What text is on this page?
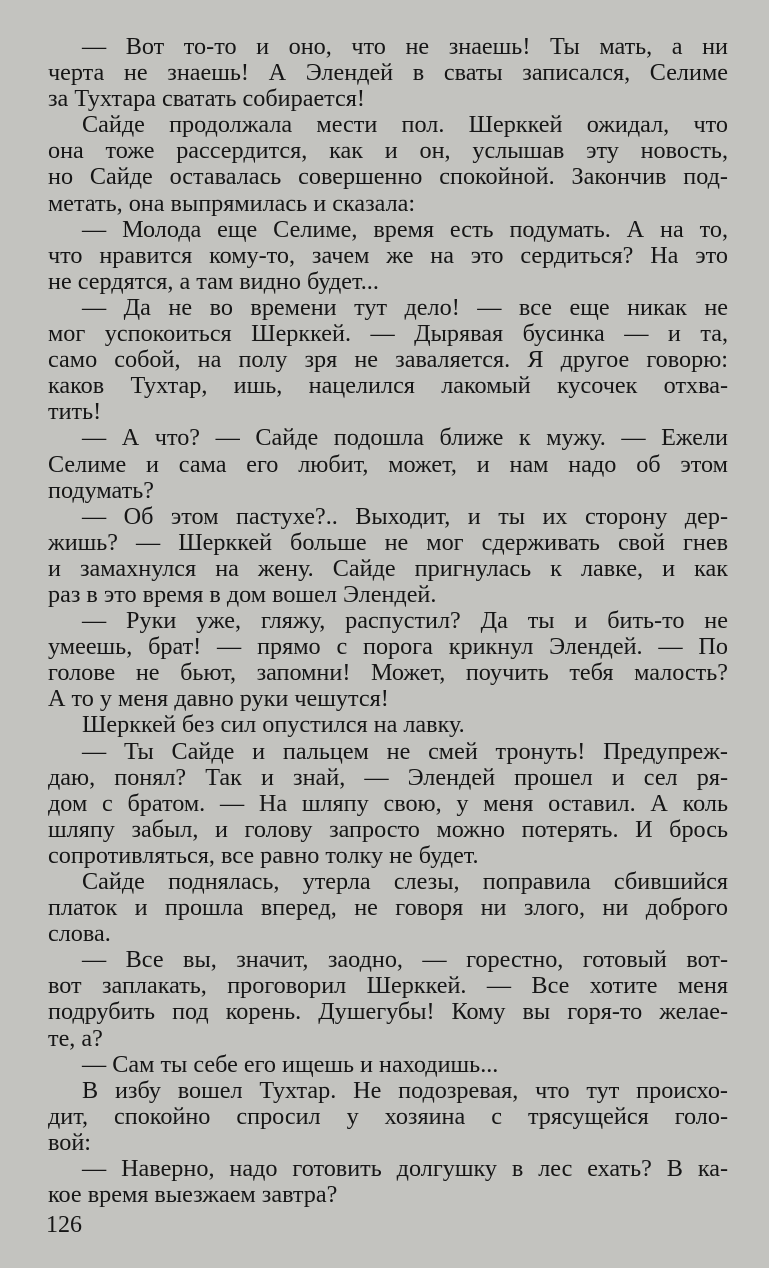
— Вот то-то и оно, что не знаешь! Ты мать, а ни
черта не знаешь! А Элендей в сваты записался, Селиме
за Тухтара сватать собирается!
Сайде продолжала мести пол. Шерккей ожидал, что
она тоже рассердится, как и он, услышав эту новость,
но Сайде оставалась совершенно спокойной. Закончив под-
метать, она выпрямилась и сказала:
— Молода еще Селиме, время есть подумать. А на то,
что нравится кому-то, зачем же на это сердиться? На это
не сердятся, а там видно будет...
— Да не во времени тут дело! — все еще никак не
мог успокоиться Шерккей. — Дырявая бусинка — и та,
само собой, на полу зря не заваляется. Я другое говорю:
каков Тухтар, ишь, нацелился лакомый кусочек отхва-
тить!
— А что? — Сайде подошла ближе к мужу. — Ежели
Селиме и сама его любит, может, и нам надо об этом
подумать?
— Об этом пастухе?.. Выходит, и ты их сторону дер-
жишь? — Шерккей больше не мог сдерживать свой гнев
и замахнулся на жену. Сайде пригнулась к лавке, и как
раз в это время в дом вошел Элендей.
— Руки уже, гляжу, распустил? Да ты и бить-то не
умеешь, брат! — прямо с порога крикнул Элендей. — По
голове не бьют, запомни! Может, поучить тебя малость?
А то у меня давно руки чешутся!
Шерккей без сил опустился на лавку.
— Ты Сайде и пальцем не смей тронуть! Предупреж-
даю, понял? Так и знай, — Элендей прошел и сел ря-
дом с братом. — На шляпу свою, у меня оставил. А коль
шляпу забыл, и голову запросто можно потерять. И брось
сопротивляться, все равно толку не будет.
Сайде поднялась, утерла слезы, поправила сбившийся
платок и прошла вперед, не говоря ни злого, ни доброго
слова.
— Все вы, значит, заодно, — горестно, готовый вот-
вот заплакать, проговорил Шерккей. — Все хотите меня
подрубить под корень. Душегубы! Кому вы горя-то желае-
те, а?
— Сам ты себе его ищешь и находишь...
В избу вошел Тухтар. Не подозревая, что тут происхо-
дит, спокойно спросил у хозяина с трясущейся голо-
вой:
— Наверно, надо готовить долгушку в лес ехать? В ка-
кое время выезжаем завтра?
126
